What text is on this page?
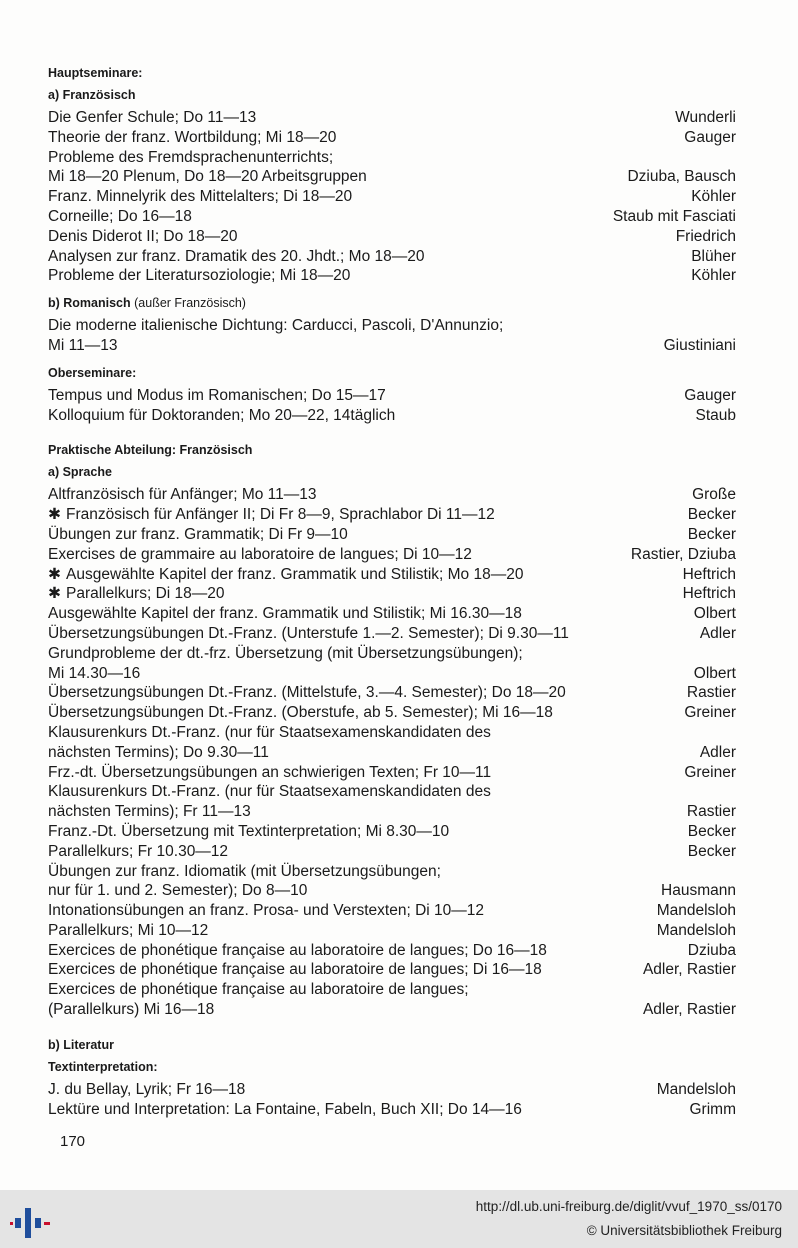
Hauptseminare:

a) Französisch

Die Genfer Schule; Do 11—13	Wunderli
Theorie der franz. Wortbildung; Mi 18—20	Gauger
Probleme des Fremdsprachenunterrichts;
Mi 18—20 Plenum, Do 18—20 Arbeitsgruppen	Dziuba, Bausch
Franz. Minnelyrik des Mittelalters; Di 18—20	Köhler
Corneille; Do 16—18	Staub mit Fasciati
Denis Diderot II; Do 18—20	Friedrich
Analysen zur franz. Dramatik des 20. Jhdt.; Mo 18—20	Blüher
Probleme der Literatursoziologie; Mi 18—20	Köhler

b) Romanisch (außer Französisch)

Die moderne italienische Dichtung: Carducci, Pascoli, D'Annunzio;
Mi 11—13	Giustiniani

Oberseminare:

Tempus und Modus im Romanischen; Do 15—17	Gauger
Kolloquium für Doktoranden; Mo 20—22, 14täglich	Staub

Praktische Abteilung: Französisch

a) Sprache

Altfranzösisch für Anfänger; Mo 11—13	Große
✱ Französisch für Anfänger II; Di Fr 8—9, Sprachlabor Di 11—12	Becker
Übungen zur franz. Grammatik; Di Fr 9—10	Becker
Exercises de grammaire au laboratoire de langues; Di 10—12	Rastier, Dziuba
✱ Ausgewählte Kapitel der franz. Grammatik und Stilistik; Mo 18—20	Heftrich
✱ Parallelkurs; Di 18—20	Heftrich
Ausgewählte Kapitel der franz. Grammatik und Stilistik; Mi 16.30—18	Olbert
Übersetzungsübungen Dt.-Franz. (Unterstufe 1.—2. Semester); Di 9.30—11	Adler
Grundprobleme der dt.-frz. Übersetzung (mit Übersetzungsübungen);
Mi 14.30—16	Olbert
Übersetzungsübungen Dt.-Franz. (Mittelstufe, 3.—4. Semester); Do 18—20	Rastier
Übersetzungsübungen Dt.-Franz. (Oberstufe, ab 5. Semester); Mi 16—18	Greiner
Klausurenkurs Dt.-Franz. (nur für Staatsexamenskandidaten des
nächsten Termins); Do 9.30—11	Adler
Frz.-dt. Übersetzungsübungen an schwierigen Texten; Fr 10—11	Greiner
Klausurenkurs Dt.-Franz. (nur für Staatsexamenskandidaten des
nächsten Termins); Fr 11—13	Rastier
Franz.-Dt. Übersetzung mit Textinterpretation; Mi 8.30—10	Becker
Parallelkurs; Fr 10.30—12	Becker
Übungen zur franz. Idiomatik (mit Übersetzungsübungen;
nur für 1. und 2. Semester); Do 8—10	Hausmann
Intonationsübungen an franz. Prosa- und Verstexten; Di 10—12	Mandelsloh
Parallelkurs; Mi 10—12	Mandelsloh
Exercices de phonétique française au laboratoire de langues; Do 16—18	Dziuba
Exercices de phonétique française au laboratoire de langues; Di 16—18	Adler, Rastier
Exercices de phonétique française au laboratoire de langues;
(Parallelkurs) Mi 16—18	Adler, Rastier

b) Literatur

Textinterpretation:

J. du Bellay, Lyrik; Fr 16—18	Mandelsloh
Lektüre und Interpretation: La Fontaine, Fabeln, Buch XII; Do 14—16	Grimm
170
http://dl.ub.uni-freiburg.de/diglit/vvuf_1970_ss/0170
© Universitätsbibliothek Freiburg
